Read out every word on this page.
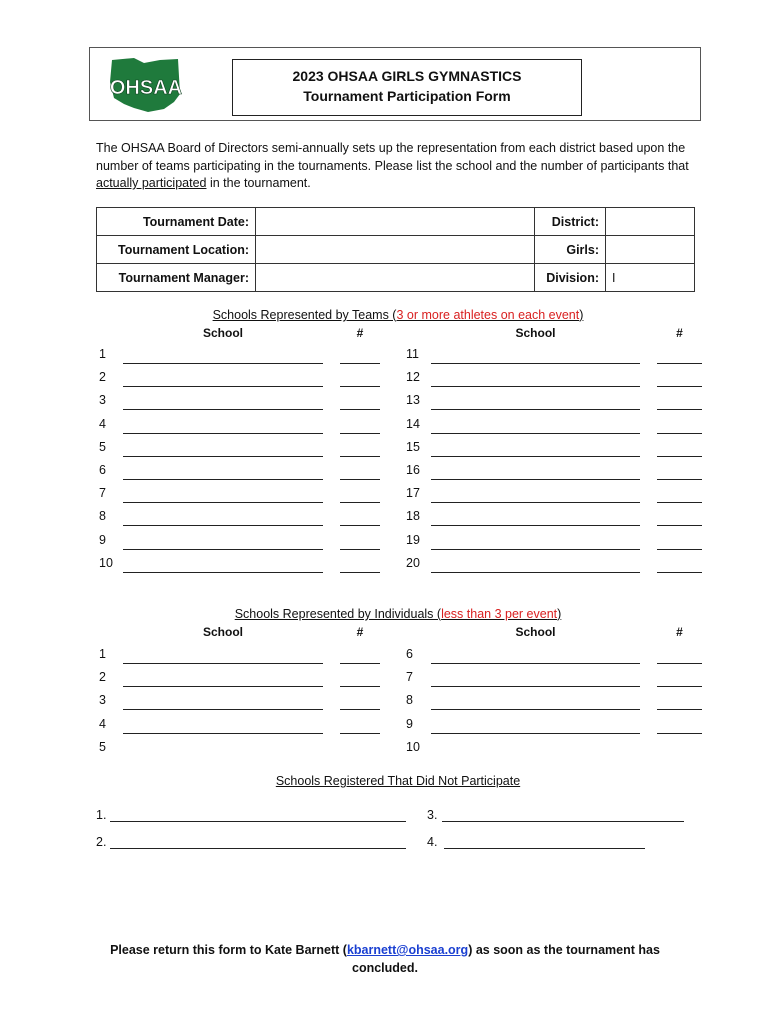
OHSAA
2023 OHSAA GIRLS GYMNASTICS
Tournament Participation Form
The OHSAA Board of Directors semi-annually sets up the representation from each district based upon the number of teams participating in the tournaments. Please list the school and the number of participants that actually participated in the tournament.
Tournament Date:		District:	
Tournament Location:		Girls:	
Tournament Manager:		Division:	I
Schools Represented by Teams (3 or more athletes on each event)
School	#	School	#
1	11
2	12
3	13
4	14
5	15
6	16
7	17
8	18
9	19
10	20
Schools Represented by Individuals (less than 3 per event)
School	#	School	#
1	6
2	7
3	8
4	9
5	10
Schools Registered That Did Not Participate
1.
2.
3.
4.
Please return this form to Kate Barnett (kbarnett@ohsaa.org) as soon as the tournament has concluded.
